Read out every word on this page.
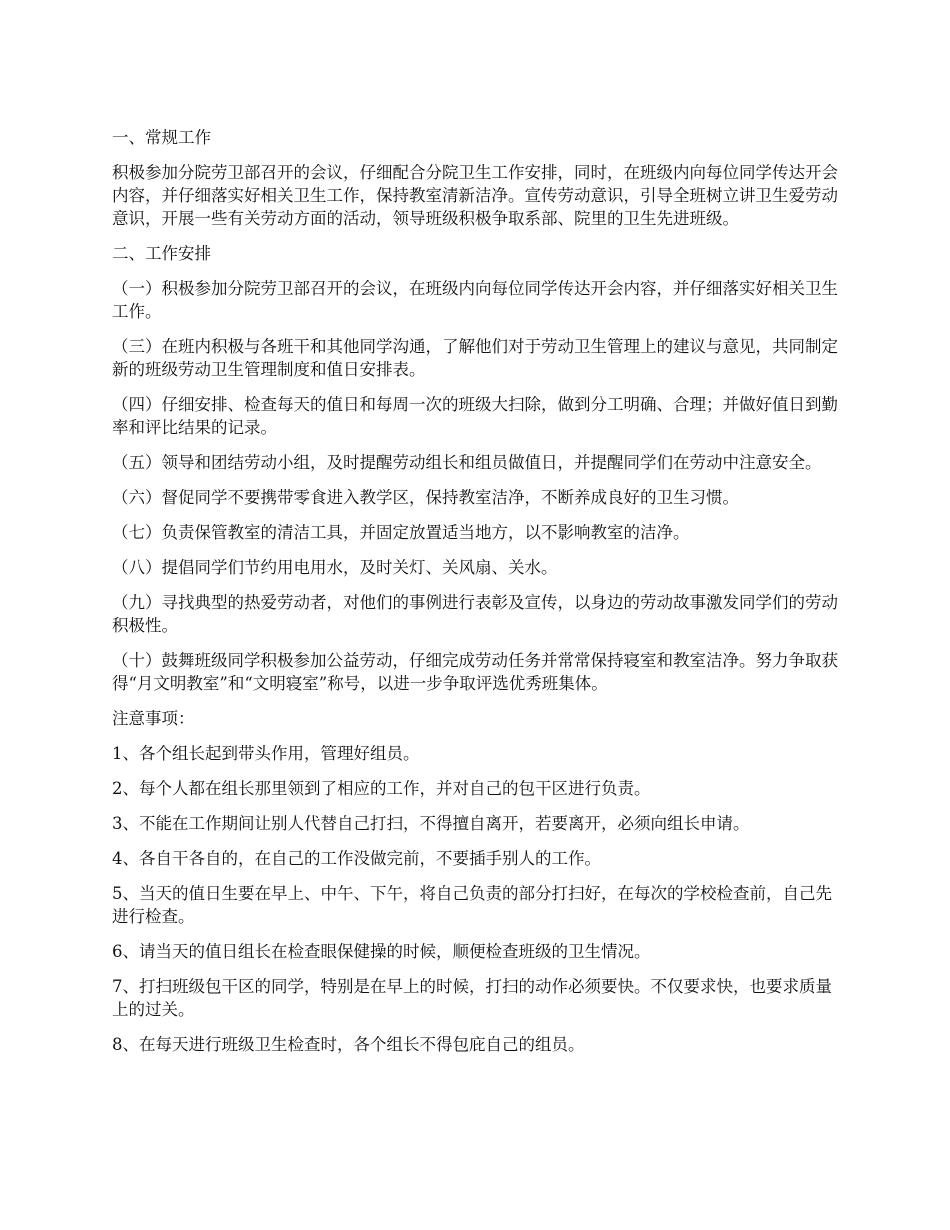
一、常规工作

积极参加分院劳卫部召开的会议，仔细配合分院卫生工作安排，同时，在班级内向每位同学传达开会内容，并仔细落实好相关卫生工作，保持教室清新洁净。宣传劳动意识，引导全班树立讲卫生爱劳动意识，开展一些有关劳动方面的活动，领导班级积极争取系部、院里的卫生先进班级。

二、工作安排

（一）积极参加分院劳卫部召开的会议，在班级内向每位同学传达开会内容，并仔细落实好相关卫生工作。

（三）在班内积极与各班干和其他同学沟通，了解他们对于劳动卫生管理上的建议与意见，共同制定新的班级劳动卫生管理制度和值日安排表。

（四）仔细安排、检查每天的值日和每周一次的班级大扫除，做到分工明确、合理；并做好值日到勤率和评比结果的记录。

（五）领导和团结劳动小组，及时提醒劳动组长和组员做值日，并提醒同学们在劳动中注意安全。

（六）督促同学不要携带零食进入教学区，保持教室洁净，不断养成良好的卫生习惯。

（七）负责保管教室的清洁工具，并固定放置适当地方，以不影响教室的洁净。

（八）提倡同学们节约用电用水，及时关灯、关风扇、关水。

（九）寻找典型的热爱劳动者，对他们的事例进行表彰及宣传，以身边的劳动故事激发同学们的劳动积极性。

（十）鼓舞班级同学积极参加公益劳动，仔细完成劳动任务并常常保持寝室和教室洁净。努力争取获得“月文明教室”和“文明寝室”称号，以进一步争取评选优秀班集体。

注意事项：

1、各个组长起到带头作用，管理好组员。

2、每个人都在组长那里领到了相应的工作，并对自己的包干区进行负责。

3、不能在工作期间让别人代替自己打扫，不得擅自离开，若要离开，必须向组长申请。

4、各自干各自的，在自己的工作没做完前，不要插手别人的工作。

5、当天的值日生要在早上、中午、下午，将自己负责的部分打扫好，在每次的学校检查前，自己先进行检查。

6、请当天的值日组长在检查眼保健操的时候，顺便检查班级的卫生情况。

7、打扫班级包干区的同学，特别是在早上的时候，打扫的动作必须要快。不仅要求快，也要求质量上的过关。

8、在每天进行班级卫生检查时，各个组长不得包庇自己的组员。
